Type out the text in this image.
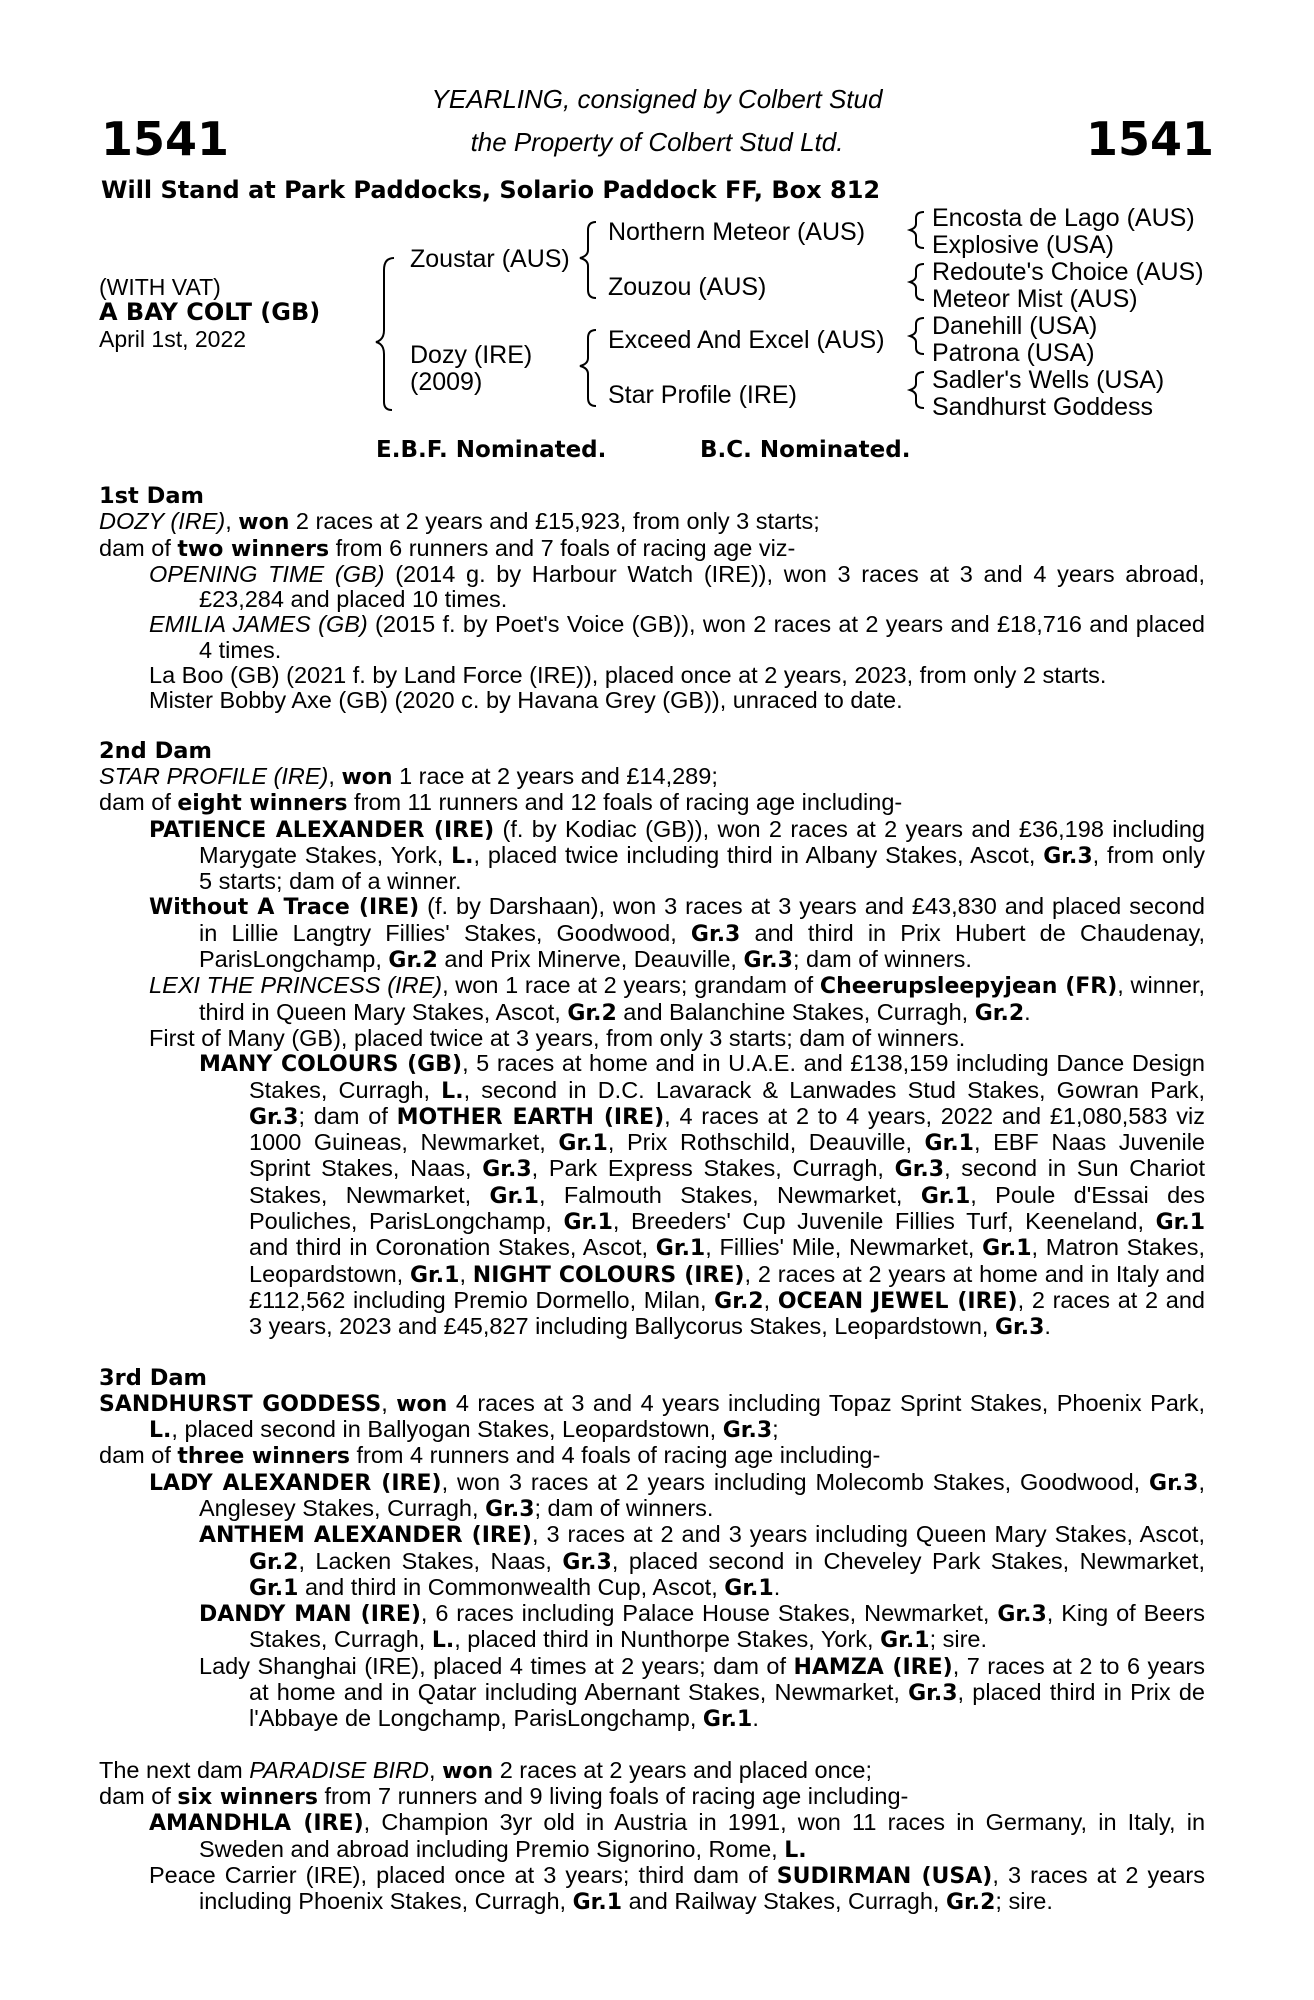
1541	1541
YEARLING, consigned by Colbert Stud
the Property of Colbert Stud Ltd.
Will Stand at Park Paddocks, Solario Paddock FF, Box 812
(WITH VAT)
A BAY COLT (GB)
April 1st, 2022
Zoustar (AUS)
Dozy (IRE)
(2009)
Northern Meteor (AUS)
Zouzou (AUS)
Exceed And Excel (AUS)
Star Profile (IRE)
Encosta de Lago (AUS)
Explosive (USA)
Redoute's Choice (AUS)
Meteor Mist (AUS)
Danehill (USA)
Patrona (USA)
Sadler's Wells (USA)
Sandhurst Goddess
E.B.F. Nominated.	B.C. Nominated.

1st Dam

DOZY (IRE), won 2 races at 2 years and £15,923, from only 3 starts;

dam of two winners from 6 runners and 7 foals of racing age viz-

OPENING TIME (GB) (2014 g. by Harbour Watch (IRE)), won 3 races at 3 and 4 years abroad, £23,284 and placed 10 times.

EMILIA JAMES (GB) (2015 f. by Poet's Voice (GB)), won 2 races at 2 years and £18,716 and placed 4 times.

La Boo (GB) (2021 f. by Land Force (IRE)), placed once at 2 years, 2023, from only 2 starts.

Mister Bobby Axe (GB) (2020 c. by Havana Grey (GB)), unraced to date.

2nd Dam

STAR PROFILE (IRE), won 1 race at 2 years and £14,289;

dam of eight winners from 11 runners and 12 foals of racing age including-

PATIENCE ALEXANDER (IRE) (f. by Kodiac (GB)), won 2 races at 2 years and £36,198 including Marygate Stakes, York, L., placed twice including third in Albany Stakes, Ascot, Gr.3, from only 5 starts; dam of a winner.

Without A Trace (IRE) (f. by Darshaan), won 3 races at 3 years and £43,830 and placed second in Lillie Langtry Fillies' Stakes, Goodwood, Gr.3 and third in Prix Hubert de Chaudenay, ParisLongchamp, Gr.2 and Prix Minerve, Deauville, Gr.3; dam of winners.

LEXI THE PRINCESS (IRE), won 1 race at 2 years; grandam of Cheerupsleepyjean (FR), winner, third in Queen Mary Stakes, Ascot, Gr.2 and Balanchine Stakes, Curragh, Gr.2.

First of Many (GB), placed twice at 3 years, from only 3 starts; dam of winners.

MANY COLOURS (GB), 5 races at home and in U.A.E. and £138,159 including Dance Design Stakes, Curragh, L., second in D.C. Lavarack & Lanwades Stud Stakes, Gowran Park, Gr.3; dam of MOTHER EARTH (IRE), 4 races at 2 to 4 years, 2022 and £1,080,583 viz 1000 Guineas, Newmarket, Gr.1, Prix Rothschild, Deauville, Gr.1, EBF Naas Juvenile Sprint Stakes, Naas, Gr.3, Park Express Stakes, Curragh, Gr.3, second in Sun Chariot Stakes, Newmarket, Gr.1, Falmouth Stakes, Newmarket, Gr.1, Poule d'Essai des Pouliches, ParisLongchamp, Gr.1, Breeders' Cup Juvenile Fillies Turf, Keeneland, Gr.1 and third in Coronation Stakes, Ascot, Gr.1, Fillies' Mile, Newmarket, Gr.1, Matron Stakes, Leopardstown, Gr.1, NIGHT COLOURS (IRE), 2 races at 2 years at home and in Italy and £112,562 including Premio Dormello, Milan, Gr.2, OCEAN JEWEL (IRE), 2 races at 2 and 3 years, 2023 and £45,827 including Ballycorus Stakes, Leopardstown, Gr.3.

3rd Dam

SANDHURST GODDESS, won 4 races at 3 and 4 years including Topaz Sprint Stakes, Phoenix Park, L., placed second in Ballyogan Stakes, Leopardstown, Gr.3;

dam of three winners from 4 runners and 4 foals of racing age including-

LADY ALEXANDER (IRE), won 3 races at 2 years including Molecomb Stakes, Goodwood, Gr.3, Anglesey Stakes, Curragh, Gr.3; dam of winners.

ANTHEM ALEXANDER (IRE), 3 races at 2 and 3 years including Queen Mary Stakes, Ascot, Gr.2, Lacken Stakes, Naas, Gr.3, placed second in Cheveley Park Stakes, Newmarket, Gr.1 and third in Commonwealth Cup, Ascot, Gr.1.

DANDY MAN (IRE), 6 races including Palace House Stakes, Newmarket, Gr.3, King of Beers Stakes, Curragh, L., placed third in Nunthorpe Stakes, York, Gr.1; sire.

Lady Shanghai (IRE), placed 4 times at 2 years; dam of HAMZA (IRE), 7 races at 2 to 6 years at home and in Qatar including Abernant Stakes, Newmarket, Gr.3, placed third in Prix de l'Abbaye de Longchamp, ParisLongchamp, Gr.1.

The next dam PARADISE BIRD, won 2 races at 2 years and placed once;

dam of six winners from 7 runners and 9 living foals of racing age including-

AMANDHLA (IRE), Champion 3yr old in Austria in 1991, won 11 races in Germany, in Italy, in Sweden and abroad including Premio Signorino, Rome, L.

Peace Carrier (IRE), placed once at 3 years; third dam of SUDIRMAN (USA), 3 races at 2 years including Phoenix Stakes, Curragh, Gr.1 and Railway Stakes, Curragh, Gr.2; sire.
